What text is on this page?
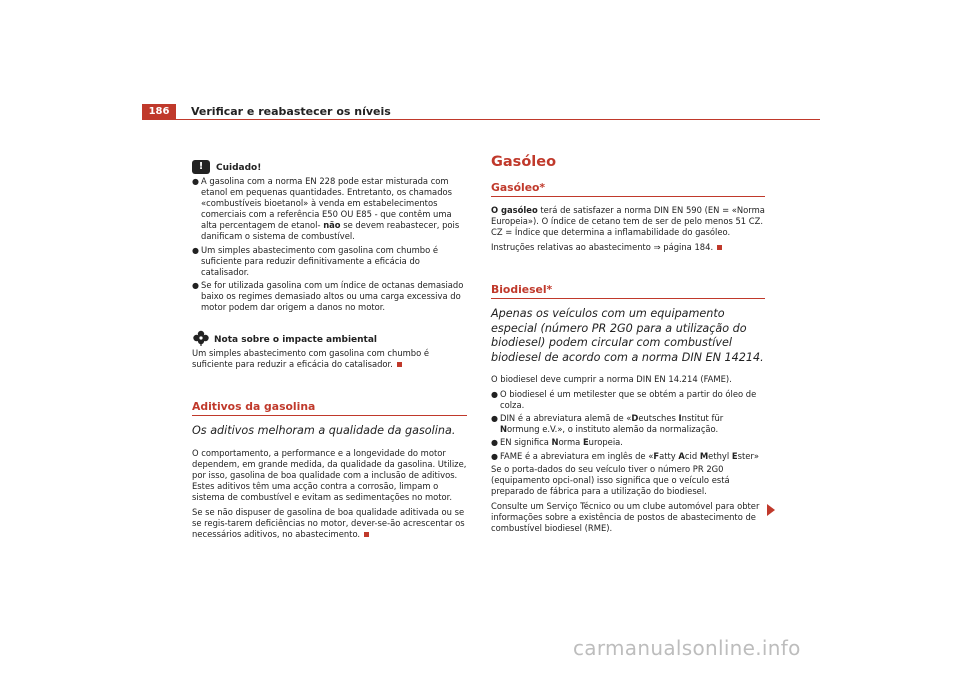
186	Verificar e reabastecer os níveis
!	Cuidado!
● A gasolina com a norma EN 228 pode estar misturada com etanol em pequenas quantidades. Entretanto, os chamados «combustíveis bioetanol» à venda em estabelecimentos comerciais com a referência E50 OU E85 - que contêm uma alta percentagem de etanol- não se devem reabastecer, pois danificam o sistema de combustível.
● Um simples abastecimento com gasolina com chumbo é suficiente para reduzir definitivamente a eficácia do catalisador.
● Se for utilizada gasolina com um índice de octanas demasiado baixo os regimes demasiado altos ou uma carga excessiva do motor podem dar origem a danos no motor.
Nota sobre o impacte ambiental

Um simples abastecimento com gasolina com chumbo é suficiente para reduzir a eficácia do catalisador.

Aditivos da gasolina
Os aditivos melhoram a qualidade da gasolina.

O comportamento, a performance e a longevidade do motor dependem, em grande medida, da qualidade da gasolina. Utilize, por isso, gasolina de boa qualidade com a inclusão de aditivos. Estes aditivos têm uma acção contra a corrosão, limpam o sistema de combustível e evitam as sedimentações no motor.

Se se não dispuser de gasolina de boa qualidade aditivada ou se se regis-tarem deficiências no motor, dever-se-ão acrescentar os necessários aditivos, no abastecimento.

Gasóleo
Gasóleo*

O gasóleo terá de satisfazer a norma DIN EN 590 (EN = «Norma Europeia»). O índice de cetano tem de ser de pelo menos 51 CZ. CZ = Índice que determina a inflamabilidade do gasóleo.

Instruções relativas ao abastecimento ⇒ página 184.

Biodiesel*
Apenas os veículos com um equipamento especial (número PR 2G0 para a utilização do biodiesel) podem circular com combustível biodiesel de acordo com a norma DIN EN 14214.

O biodiesel deve cumprir a norma DIN EN 14.214 (FAME).

● O biodiesel é um metilester que se obtém a partir do óleo de colza.
● DIN é a abreviatura alemã de «Deutsches Institut für Normung e.V.», o instituto alemão da normalização.
● EN significa Norma Europeia.
● FAME é a abreviatura em inglês de «Fatty Acid Methyl Ester»

Se o porta-dados do seu veículo tiver o número PR 2G0 (equipamento opci-onal) isso significa que o veículo está preparado de fábrica para a utilização do biodiesel.

Consulte um Serviço Técnico ou um clube automóvel para obter informações sobre a existência de postos de abastecimento de combustível biodiesel (RME).

carmanualsonline.info
